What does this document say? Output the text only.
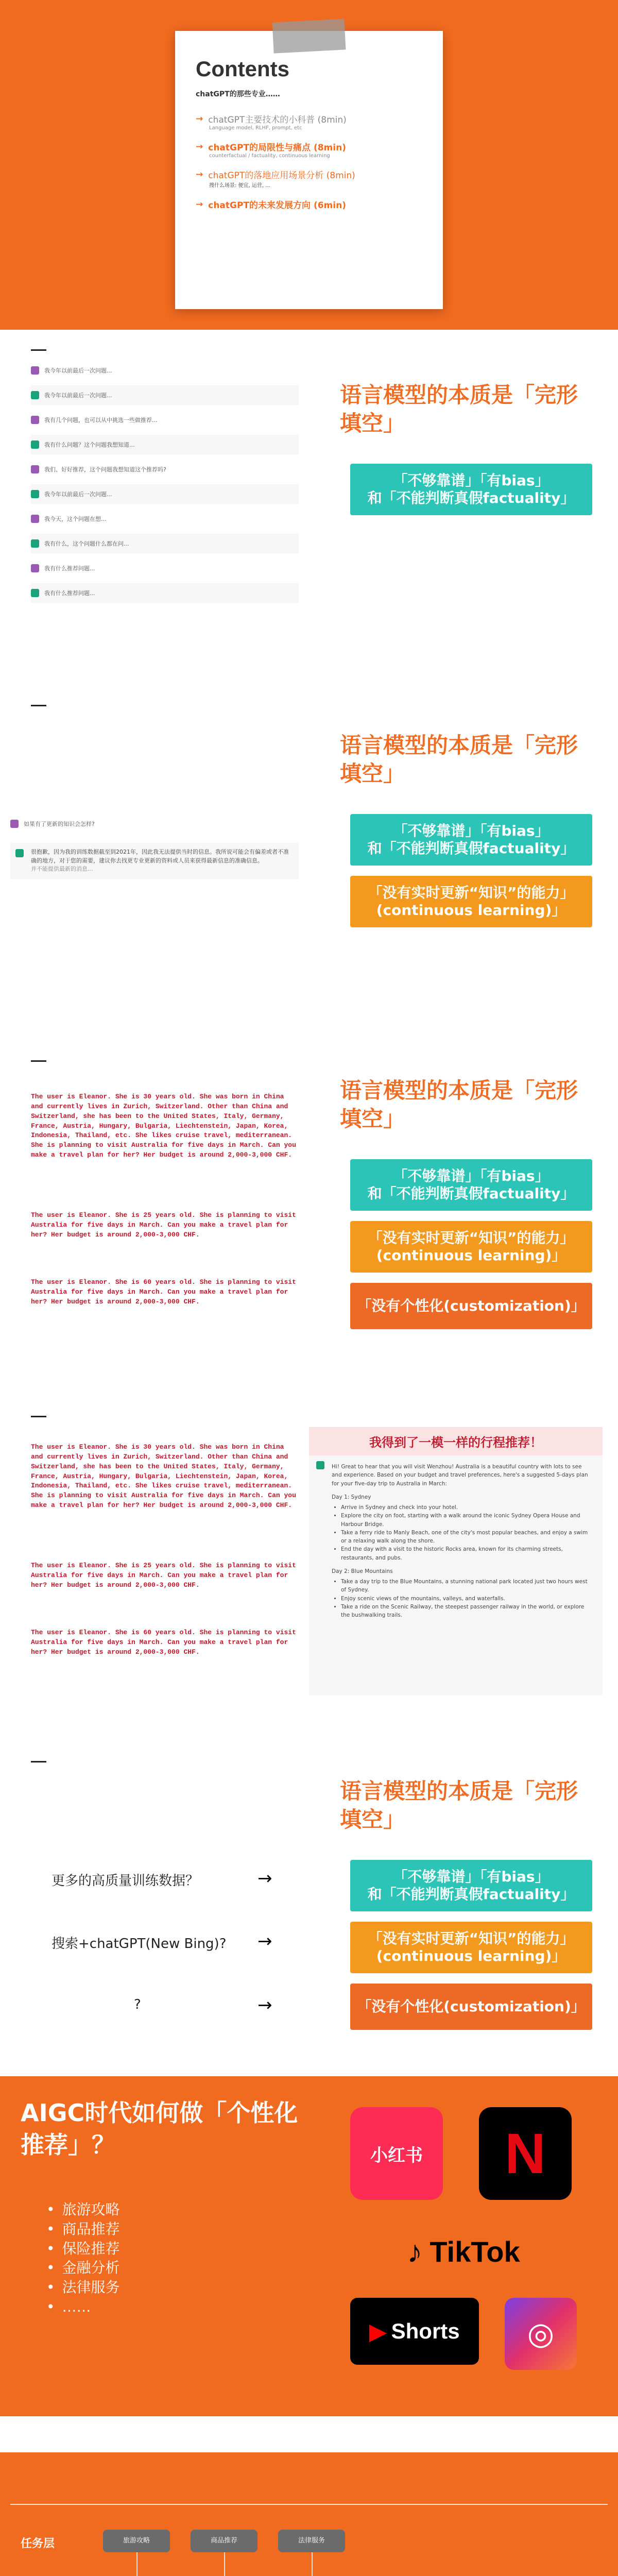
Contents
chatGPT的那些专业……
→ chatGPT主要技术的小科普 (8min)
Language model, RLHF, prompt, etc
→ chatGPT的局限性与痛点 (8min)
counterfactual / factuality, continuous learning
→ chatGPT的落地应用场景分析 (8min)
搜什么场景: 便宜, 运营, ...
→ chatGPT的未来发展方向 (6min)
我今年以前最后一次问题...
我今年以前最后一次问题...
我有几个问题，也可以从中挑选一些做推荐...
我有什么问题？这个问题我想知道...
我们、好好推荐，这个问题我想知道这个推荐吗?
我今年以前最后一次问题...
我今天，这个问题在想...
我有什么，这个问题什么都在问...
我有什么推荐问题...
我有什么推荐问题...
语言模型的本质是「完形填空」
「不够靠谱」「有bias」
和「不能判断真假factuality」
如果有了更新的知识会怎样?
很抱歉，因为我的训练数据截至到2021年，因此我无法提供当时的信息。我所说可能会有偏差或者不准确的地方，对于您的需要，建议你去找更专业更新的资料或人员来获得最新信息的准确信息。
并不能提供最新的消息...
语言模型的本质是「完形填空」
「不够靠谱」「有bias」
和「不能判断真假factuality」
「没有实时更新“知识”的能力」
(continuous learning)」
The user is Eleanor. She is 30 years old. She was born in China and currently lives in Zurich, Switzerland. Other than China and Switzerland, she has been to the United States, Italy, Germany, France, Austria, Hungary, Bulgaria, Liechtenstein, Japan, Korea, Indonesia, Thailand, etc. She likes cruise travel, mediterranean. She is planning to visit Australia for five days in March. Can you make a travel plan for her? Her budget is around 2,000-3,000 CHF.
The user is Eleanor. She is 25 years old. She is planning to visit Australia for five days in March. Can you make a travel plan for her? Her budget is around 2,000-3,000 CHF.
The user is Eleanor. She is 60 years old. She is planning to visit Australia for five days in March. Can you make a travel plan for her? Her budget is around 2,000-3,000 CHF.
语言模型的本质是「完形填空」
「不够靠谱」「有bias」
和「不能判断真假factuality」
「没有实时更新“知识”的能力」
(continuous learning)」
「没有个性化(customization)」
The user is Eleanor. She is 30 years old. She was born in China and currently lives in Zurich, Switzerland. Other than China and Switzerland, she has been to the United States, Italy, Germany, France, Austria, Hungary, Bulgaria, Liechtenstein, Japan, Korea, Indonesia, Thailand, etc. She likes cruise travel, mediterranean. She is planning to visit Australia for five days in March. Can you make a travel plan for her? Her budget is around 2,000-3,000 CHF.
The user is Eleanor. She is 25 years old. She is planning to visit Australia for five days in March. Can you make a travel plan for her? Her budget is around 2,000-3,000 CHF.
The user is Eleanor. She is 60 years old. She is planning to visit Australia for five days in March. Can you make a travel plan for her? Her budget is around 2,000-3,000 CHF.
我得到了一模一样的行程推荐！

Hi! Great to hear that you will visit Wenzhou! Australia is a beautiful country with lots to see and experience. Based on your budget and travel preferences, here's a suggested 5-days plan for your five-day trip to Australia in March:

Day 1: Sydney

• Arrive in Sydney and check into your hotel.
• Explore the city on foot, starting with a walk around the iconic Sydney Opera House and Harbour Bridge.
• Take a ferry ride to Manly Beach, one of the city's most popular beaches, and enjoy a swim or a relaxing walk along the shore.
• End the day with a visit to the historic Rocks area, known for its charming streets, restaurants, and pubs.

Day 2: Blue Mountains

• Take a day trip to the Blue Mountains, a stunning national park located just two hours west of Sydney.
• Enjoy scenic views of the mountains, valleys, and waterfalls.
• Take a ride on the Scenic Railway, the steepest passenger railway in the world, or explore the bushwalking trails.
更多的高质量训练数据？	→
搜索+chatGPT(New Bing)? →
?	→
语言模型的本质是「完形填空」
「不够靠谱」「有bias」
和「不能判断真假factuality」
「没有实时更新“知识”的能力」
(continuous learning)」
「没有个性化(customization)」
AIGC时代如何做「个性化推荐」？
• 旅游攻略
• 商品推荐
• 保险推荐
• 金融分析
• 法律服务
• ……
小红书 N
♪ TikTok
▶ Shorts ◎
任务层	旅游攻略	商品推荐	法律服务
